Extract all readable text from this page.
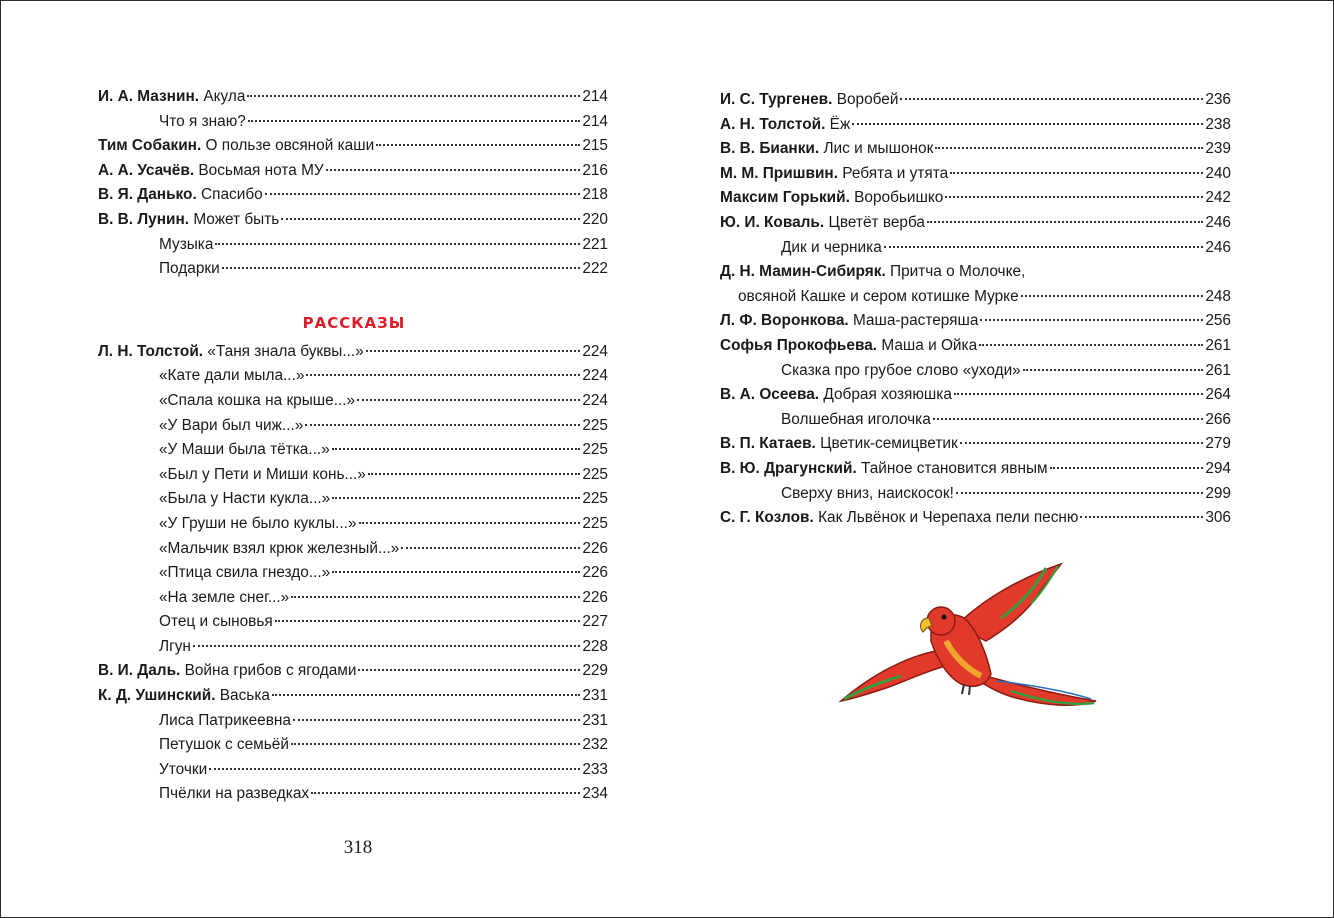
И. А. Мазнин. Акула	214
Что я знаю?	214
Тим Собакин. О пользе овсяной каши	215
А. А. Усачёв. Восьмая нота МУ	216
В. Я. Данько. Спасибо	218
В. В. Лунин. Может быть	220
Музыка	221
Подарки	222
РАССКАЗЫ
Л. Н. Толстой. «Таня знала буквы...»	224
«Кате дали мыла...»	224
«Спала кошка на крыше...»	224
«У Вари был чиж...»	225
«У Маши была тётка...»	225
«Был у Пети и Миши конь...»	225
«Была у Насти кукла...»	225
«У Груши не было куклы...»	225
«Мальчик взял крюк железный...»	226
«Птица свила гнездо...»	226
«На земле снег...»	226
Отец и сыновья	227
Лгун	228
В. И. Даль. Война грибов с ягодами	229
К. Д. Ушинский. Васька	231
Лиса Патрикеевна	231
Петушок с семьёй	232
Уточки	233
Пчёлки на разведках	234
И. С. Тургенев. Воробей	236
А. Н. Толстой. Ёж	238
В. В. Бианки. Лис и мышонок	239
М. М. Пришвин. Ребята и утята	240
Максим Горький. Воробьишко	242
Ю. И. Коваль. Цветёт верба	246
Дик и черника	246
Д. Н. Мамин-Сибиряк. Притча о Молочке,
овсяной Кашке и сером котишке Мурке	248
Л. Ф. Воронкова. Маша-растеряша	256
Софья Прокофьева. Маша и Ойка	261
Сказка про грубое слово «уходи»	261
В. А. Осеева. Добрая хозяюшка	264
Волшебная иголочка	266
В. П. Катаев. Цветик-семицветик	279
В. Ю. Драгунский. Тайное становится явным	294
Сверху вниз, наискосок!	299
С. Г. Козлов. Как Львёнок и Черепаха пели песню	306
318
